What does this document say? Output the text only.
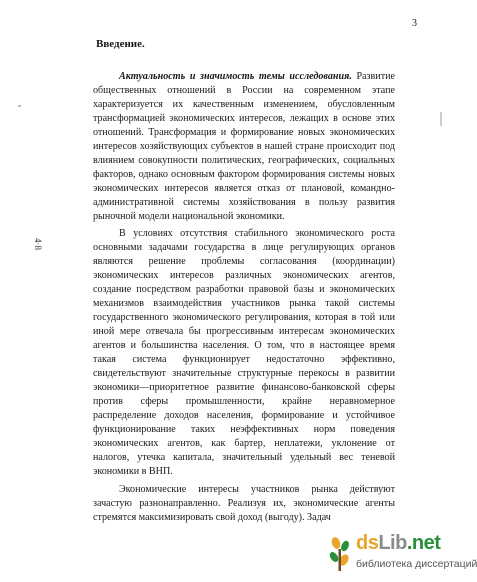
3
Введение.
4·8

Актуальность и значимость темы исследования. Развитие общественных отношений в России на современном этапе характеризуется их качественным изменением, обусловленным трансформацией экономических интересов, лежащих в основе этих отношений. Трансформация и формирование новых экономических интересов хозяйствующих субъектов в нашей стране происходит под влиянием совокупности политических, географических, социальных факторов, однако основным фактором формирования системы новых экономических интересов является отказ от плановой, командно-административной системы хозяйствования в пользу развития рыночной модели национальной экономики.

В условиях отсутствия стабильного экономического роста основными задачами государства в лице регулирующих органов являются решение проблемы согласования (координации) экономических интересов различных экономических агентов, создание посредством разработки правовой базы и экономических механизмов взаимодействия участников рынка такой системы государственного экономического регулирования, которая в той или иной мере отвечала бы прогрессивным интересам экономических агентов и большинства населения. О том, что в настоящее время такая система функционирует недостаточно эффективно, свидетельствуют значительные структурные перекосы в развитии экономики—приоритетное развитие финансово-банковской сферы против сферы промышленности, крайне неравномерное распределение доходов населения, формирование и устойчивое функционирование таких неэффективных норм поведения экономических агентов, как бартер, неплатежи, уклонение от налогов, утечка капитала, значительный удельный вес теневой экономики в ВНП.

Экономические интересы участников рынка действуют зачастую разнонаправленно. Реализуя их, экономические агенты стремятся максимизировать свой доход (выгоду). Задач

dsLib.net
библиотека диссертаций
